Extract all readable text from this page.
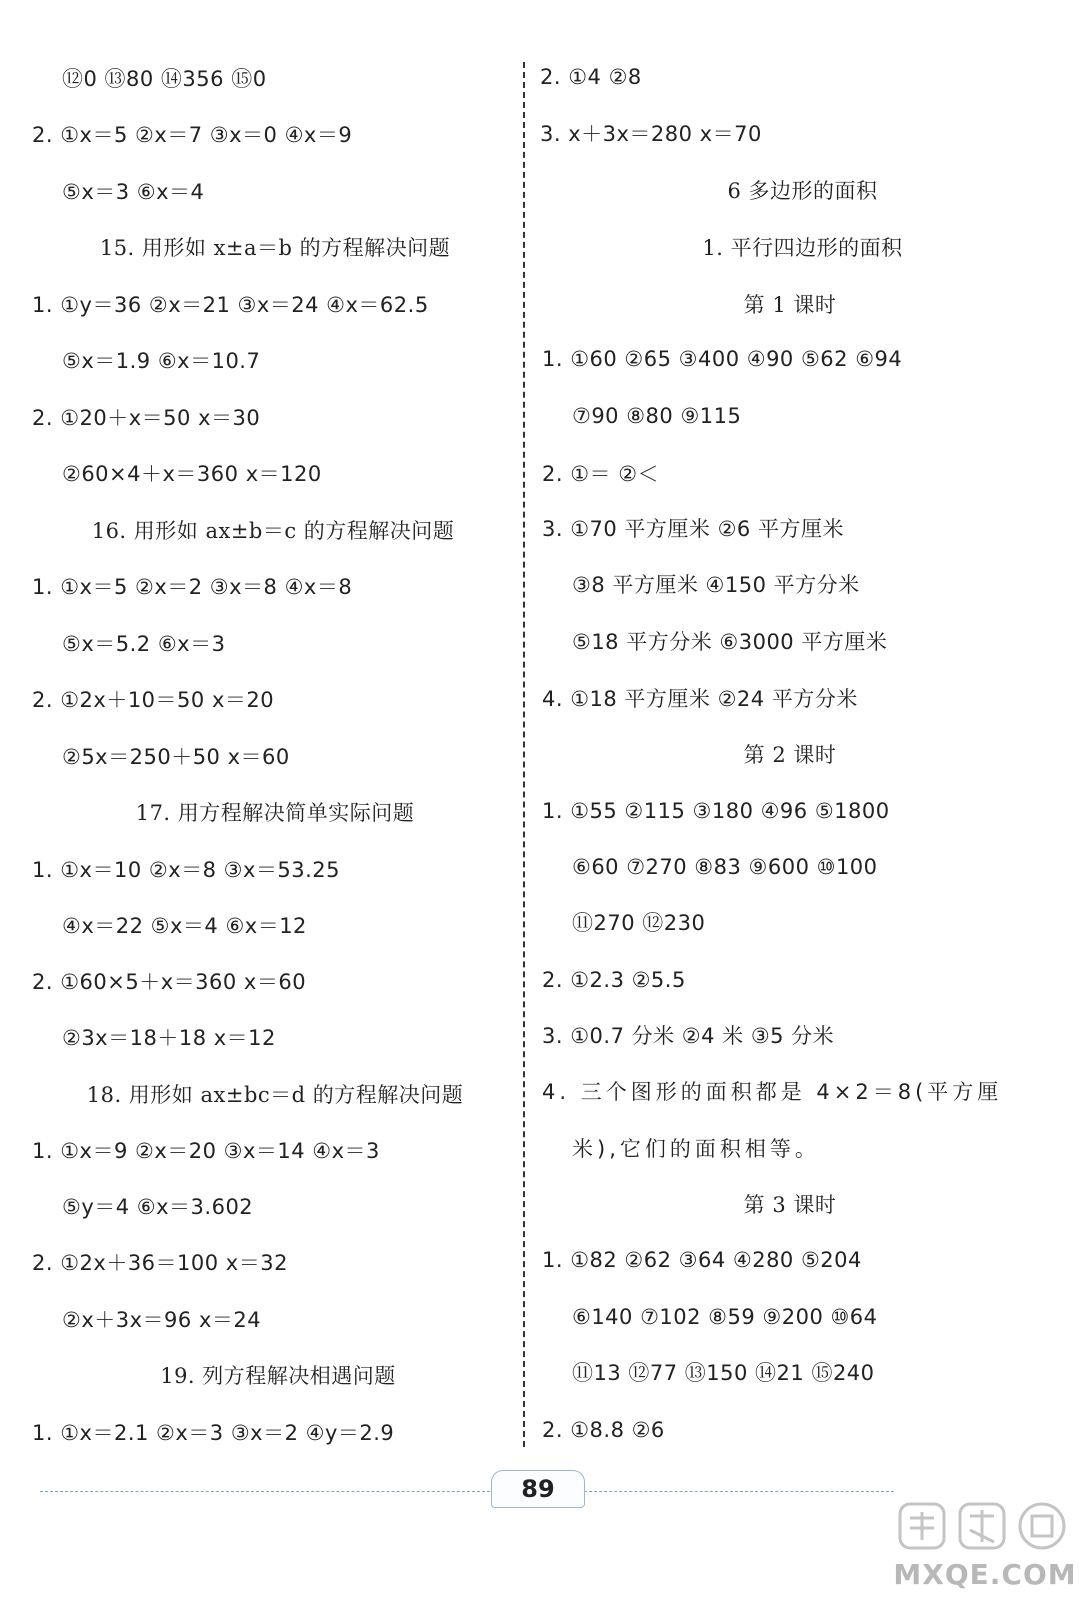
⑫0 ⑬80 ⑭356 ⑮0
2. ①x＝5 ②x＝7 ③x＝0 ④x＝9
⑤x＝3 ⑥x＝4
15. 用形如 x±a＝b 的方程解决问题
1. ①y＝36 ②x＝21 ③x＝24 ④x＝62.5
⑤x＝1.9 ⑥x＝10.7
2. ①20＋x＝50 x＝30
②60×4＋x＝360 x＝120
16. 用形如 ax±b＝c 的方程解决问题
1. ①x＝5 ②x＝2 ③x＝8 ④x＝8
⑤x＝5.2 ⑥x＝3
2. ①2x＋10＝50 x＝20
②5x＝250＋50 x＝60
17. 用方程解决简单实际问题
1. ①x＝10 ②x＝8 ③x＝53.25
④x＝22 ⑤x＝4 ⑥x＝12
2. ①60×5＋x＝360 x＝60
②3x＝18＋18 x＝12
18. 用形如 ax±bc＝d 的方程解决问题
1. ①x＝9 ②x＝20 ③x＝14 ④x＝3
⑤y＝4 ⑥x＝3.602
2. ①2x＋36＝100 x＝32
②x＋3x＝96 x＝24
19. 列方程解决相遇问题
1. ①x＝2.1 ②x＝3 ③x＝2 ④y＝2.9
2. ①4 ②8
3. x＋3x＝280 x＝70
6 多边形的面积
1. 平行四边形的面积
第 1 课时
1. ①60 ②65 ③400 ④90 ⑤62 ⑥94
⑦90 ⑧80 ⑨115
2. ①＝ ②＜
3. ①70 平方厘米 ②6 平方厘米
③8 平方厘米 ④150 平方分米
⑤18 平方分米 ⑥3000 平方厘米
4. ①18 平方厘米 ②24 平方分米
第 2 课时
1. ①55 ②115 ③180 ④96 ⑤1800
⑥60 ⑦270 ⑧83 ⑨600 ⑩100
⑪270 ⑫230
2. ①2.3 ②5.5
3. ①0.7 分米 ②4 米 ③5 分米
4. 三个图形的面积都是 4×2＝8(平方厘
米),它们的面积相等。
第 3 课时
1. ①82 ②62 ③64 ④280 ⑤204
⑥140 ⑦102 ⑧59 ⑨200 ⑩64
⑪13 ⑫77 ⑬150 ⑭21 ⑮240
2. ①8.8 ②6
89
MXQE.COM
